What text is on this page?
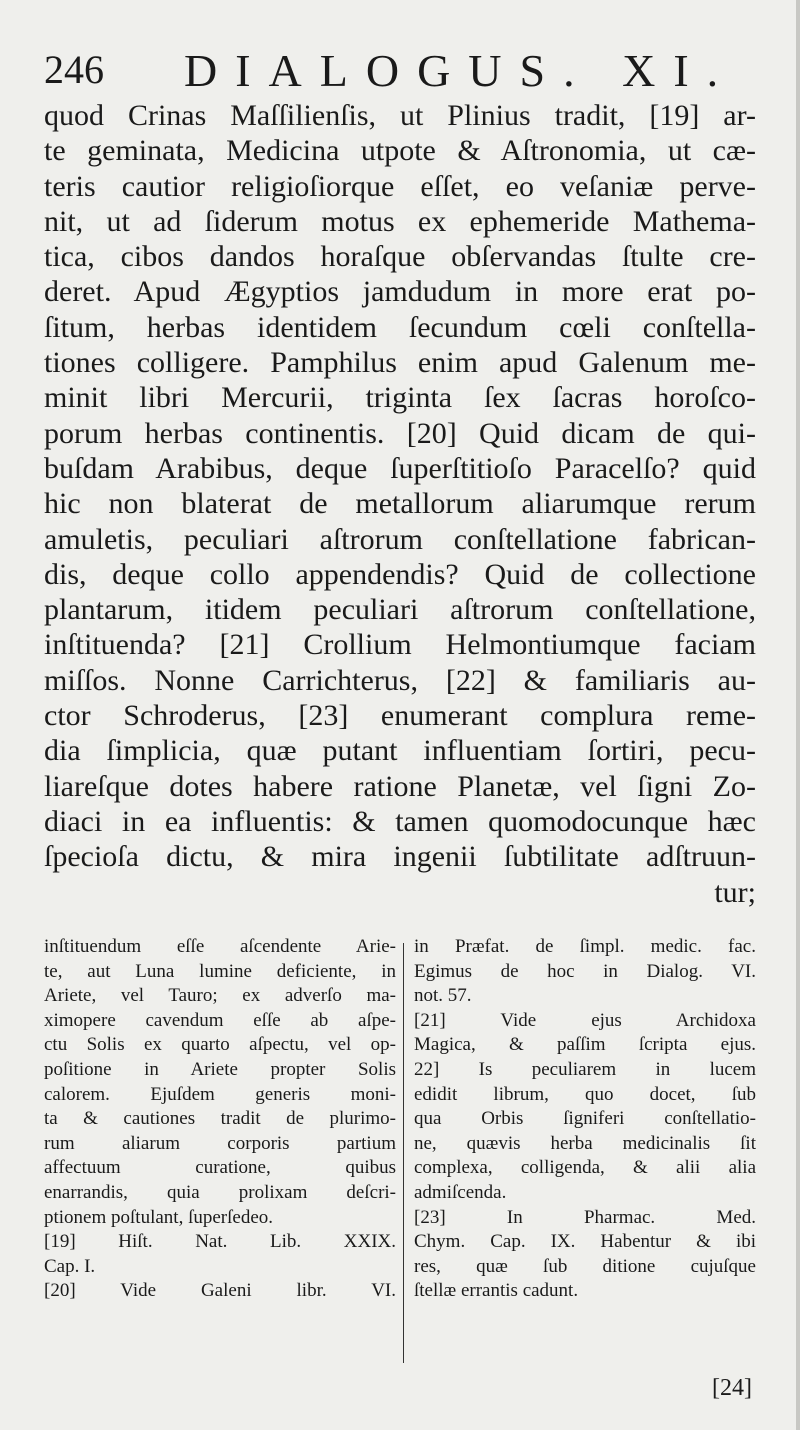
246 DIALOGUS. XI.
quod Crinas Maſſilienſis, ut Plinius tradit, [19] ar-
te geminata, Medicina utpote & Aſtronomia, ut cæ-
teris cautior religioſiorque eſſet, eo veſaniæ perve-
nit, ut ad ſiderum motus ex ephemeride Mathema-
tica, cibos dandos horaſque obſervandas ſtulte cre-
deret. Apud Ægyptios jamdudum in more erat po-
ſitum, herbas identidem ſecundum cœli conſtella-
tiones colligere. Pamphilus enim apud Galenum me-
minit libri Mercurii, triginta ſex ſacras horoſco-
porum herbas continentis. [20] Quid dicam de qui-
buſdam Arabibus, deque ſuperſtitioſo Paracelſo? quid
hic non blaterat de metallorum aliarumque rerum
amuletis, peculiari aſtrorum conſtellatione fabrican-
dis, deque collo appendendis? Quid de collectione
plantarum, itidem peculiari aſtrorum conſtellatione,
inſtituenda? [21] Crollium Helmontiumque faciam
miſſos. Nonne Carrichterus, [22] & familiaris au-
ctor Schroderus, [23] enumerant complura reme-
dia ſimplicia, quæ putant influentiam ſortiri, pecu-
liareſque dotes habere ratione Planetæ, vel ſigni Zo-
diaci in ea influentis: & tamen quomodocunque hæc
ſpecioſa dictu, & mira ingenii ſubtilitate adſtruun-
tur;
inſtituendum eſſe aſcendente Arie-
te, aut Luna lumine deficiente, in
Ariete, vel Tauro; ex adverſo ma-
ximopere cavendum eſſe ab aſpe-
ctu Solis ex quarto aſpectu, vel op-
poſitione in Ariete propter Solis
calorem. Ejuſdem generis moni-
ta & cautiones tradit de plurimo-
rum aliarum corporis partium
affectuum curatione, quibus
enarrandis, quia prolixam deſcri-
ptionem poſtulant, ſuperſedeo.
[19] Hiſt. Nat. Lib. XXIX.
Cap. I.
[20] Vide Galeni libr. VI.
in Præfat. de ſimpl. medic. fac.
Egimus de hoc in Dialog. VI.
not. 57.
[21] Vide ejus Archidoxa
Magica, & paſſim ſcripta ejus.
22] Is peculiarem in lucem
edidit librum, quo docet, ſub
qua Orbis ſigniferi conſtellatio-
ne, quævis herba medicinalis ſit
complexa, colligenda, & alii alia
admiſcenda.
[23] In Pharmac. Med.
Chym. Cap. IX. Habentur & ibi
res, quæ ſub ditione cujuſque
ſtellæ errantis cadunt.
[24]
